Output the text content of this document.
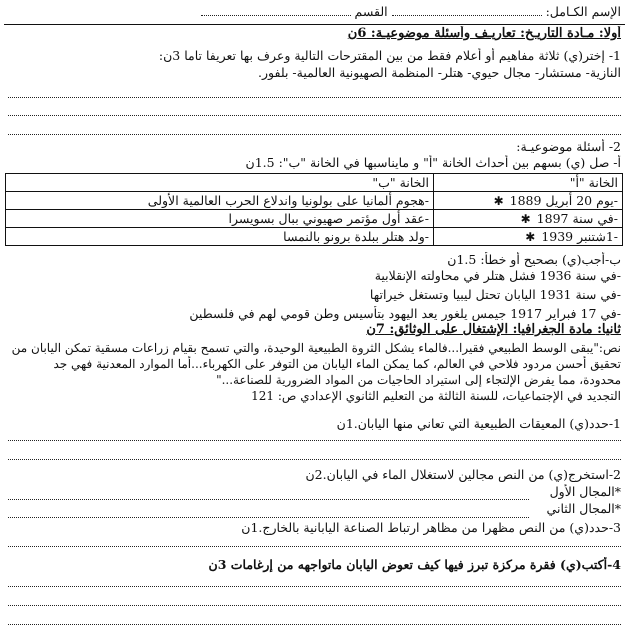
الإسم الكـامل:  القسم
أولا: مـادة التاريـخ: تعاريـف وأسئلة موضوعيـة: 6ن
1- إختر(ي) ثلاثة مفاهيم أو أعلام فقط من بين المقترحات التالية وعرف بها تعريفا تاما 3ن:
النازية- مستشار- مجال حيوي- هتلر- المنظمة الصهيونية العالمية- بلفور.
2- أسئلة موضوعيـة:
أ- صل (ي) بسهم بين أحداث الخانة "أ" و مايناسبها في الخانة "ب": 1.5ن
الخانة "أ"	الخانة "ب"
-يوم 20 أبريل 1889✱	-هجوم ألمانيا على بولونيا واندلاع الحرب العالمية الأولى
-في سنة 1897✱	-عقد أول مؤتمر صهيوني ببال بسويسرا
-1شتنبر 1939✱	-ولد هتلر ببلدة برونو بالنمسا
ب-أجب(ي) بصحيح أو خطأ: 1.5ن
-في سنة 1936 فشل هتلر في محاولته الإنقلابية
-في سنة 1931 اليابان تحتل ليبيا وتستغل خيراتها
-في 17 فبراير 1917 جيمس يلغور يعد اليهود بتأسيس وطن قومي لهم في فلسطين
ثانيا: مادة الجغرافيا: الإشتغال على الوثائق: 7ن
نص:"يبقى الوسط الطبيعي فقيرا...فالماء يشكل الثروة الطبيعية الوحيدة، والتي تسمح بقيام زراعات مسقية تمكن اليابان من
تحقيق أحسن مردود فلاحي في العالم، كما يمكن الماء اليابان من التوفر على الكهرباء...أما الموارد المعدنية فهي جد
محدودة، مما يفرض الإلتجاء إلى استيراد الحاجيات من المواد الضرورية للصناعة..."
التجديد في الإجتماعيات، للسنة الثالثة من التعليم الثانوي الإعدادي ص: 121
1-حدد(ي) المعيقات الطبيعية التي تعاني منها اليابان.1ن
2-استخرج(ي) من النص مجالين لاستغلال الماء في اليابان.2ن
*المجال الأول
*المجال الثاني
3-حدد(ي) من النص مظهرا من مظاهر ارتباط الصناعة اليابانية بالخارج.1ن
4-أكتب(ي) فقرة مركزة تبرز فيها كيف تعوض اليابان ماتواجهه من إرغامات 3ن
